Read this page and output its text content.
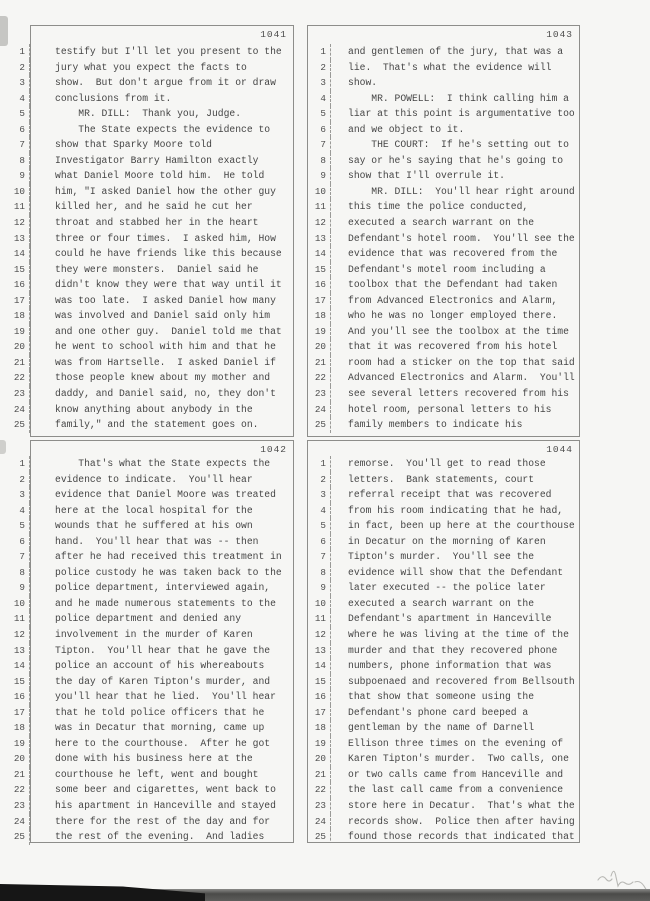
1
2
3
4
5
6
7
8
9
10
11
12
13
14
15
16
17
18
19
20
21
22
23
24
25
1041
testify but I'll let you present to the
jury what you expect the facts to
show.  But don't argue from it or draw
conclusions from it.
MR. DILL:  Thank you, Judge.
The State expects the evidence to
show that Sparky Moore told
Investigator Barry Hamilton exactly
what Daniel Moore told him.  He told
him, "I asked Daniel how the other guy
killed her, and he said he cut her
throat and stabbed her in the heart
three or four times.  I asked him, How
could he have friends like this because
they were monsters.  Daniel said he
didn't know they were that way until it
was too late.  I asked Daniel how many
was involved and Daniel said only him
and one other guy.  Daniel told me that
he went to school with him and that he
was from Hartselle.  I asked Daniel if
those people knew about my mother and
daddy, and Daniel said, no, they don't
know anything about anybody in the
family," and the statement goes on.
1043
1
2
3
4
5
6
7
8
9
10
11
12
13
14
15
16
17
18
19
20
21
22
23
24
25
and gentlemen of the jury, that was a
lie.  That's what the evidence will
show.
MR. POWELL:  I think calling him a
liar at this point is argumentative too
and we object to it.
THE COURT:  If he's setting out to
say or he's saying that he's going to
show that I'll overrule it.
MR. DILL:  You'll hear right around
this time the police conducted,
executed a search warrant on the
Defendant's hotel room.  You'll see the
evidence that was recovered from the
Defendant's motel room including a
toolbox that the Defendant had taken
from Advanced Electronics and Alarm,
who he was no longer employed there.
And you'll see the toolbox at the time
that it was recovered from his hotel
room had a sticker on the top that said
Advanced Electronics and Alarm.  You'll
see several letters recovered from his
hotel room, personal letters to his
family members to indicate his
1
2
3
4
5
6
7
8
9
10
11
12
13
14
15
16
17
18
19
20
21
22
23
24
25
1042
That's what the State expects the
evidence to indicate.  You'll hear
evidence that Daniel Moore was treated
here at the local hospital for the
wounds that he suffered at his own
hand.  You'll hear that was -- then
after he had received this treatment in
police custody he was taken back to the
police department, interviewed again,
and he made numerous statements to the
police department and denied any
involvement in the murder of Karen
Tipton.  You'll hear that he gave the
police an account of his whereabouts
the day of Karen Tipton's murder, and
you'll hear that he lied.  You'll hear
that he told police officers that he
was in Decatur that morning, came up
here to the courthouse.  After he got
done with his business here at the
courthouse he left, went and bought
some beer and cigarettes, went back to
his apartment in Hanceville and stayed
there for the rest of the day and for
the rest of the evening.  And ladies
1044
1
2
3
4
5
6
7
8
9
10
11
12
13
14
15
16
17
18
19
20
21
22
23
24
25
remorse.  You'll get to read those
letters.  Bank statements, court
referral receipt that was recovered
from his room indicating that he had,
in fact, been up here at the courthouse
in Decatur on the morning of Karen
Tipton's murder.  You'll see the
evidence will show that the Defendant
later executed -- the police later
executed a search warrant on the
Defendant's apartment in Hanceville
where he was living at the time of the
murder and that they recovered phone
numbers, phone information that was
subpoenaed and recovered from Bellsouth
that show that someone using the
Defendant's phone card beeped a
gentleman by the name of Darnell
Ellison three times on the evening of
Karen Tipton's murder.  Two calls, one
or two calls came from Hanceville and
the last call came from a convenience
store here in Decatur.  That's what the
records show.  Police then after having
found those records that indicated that
